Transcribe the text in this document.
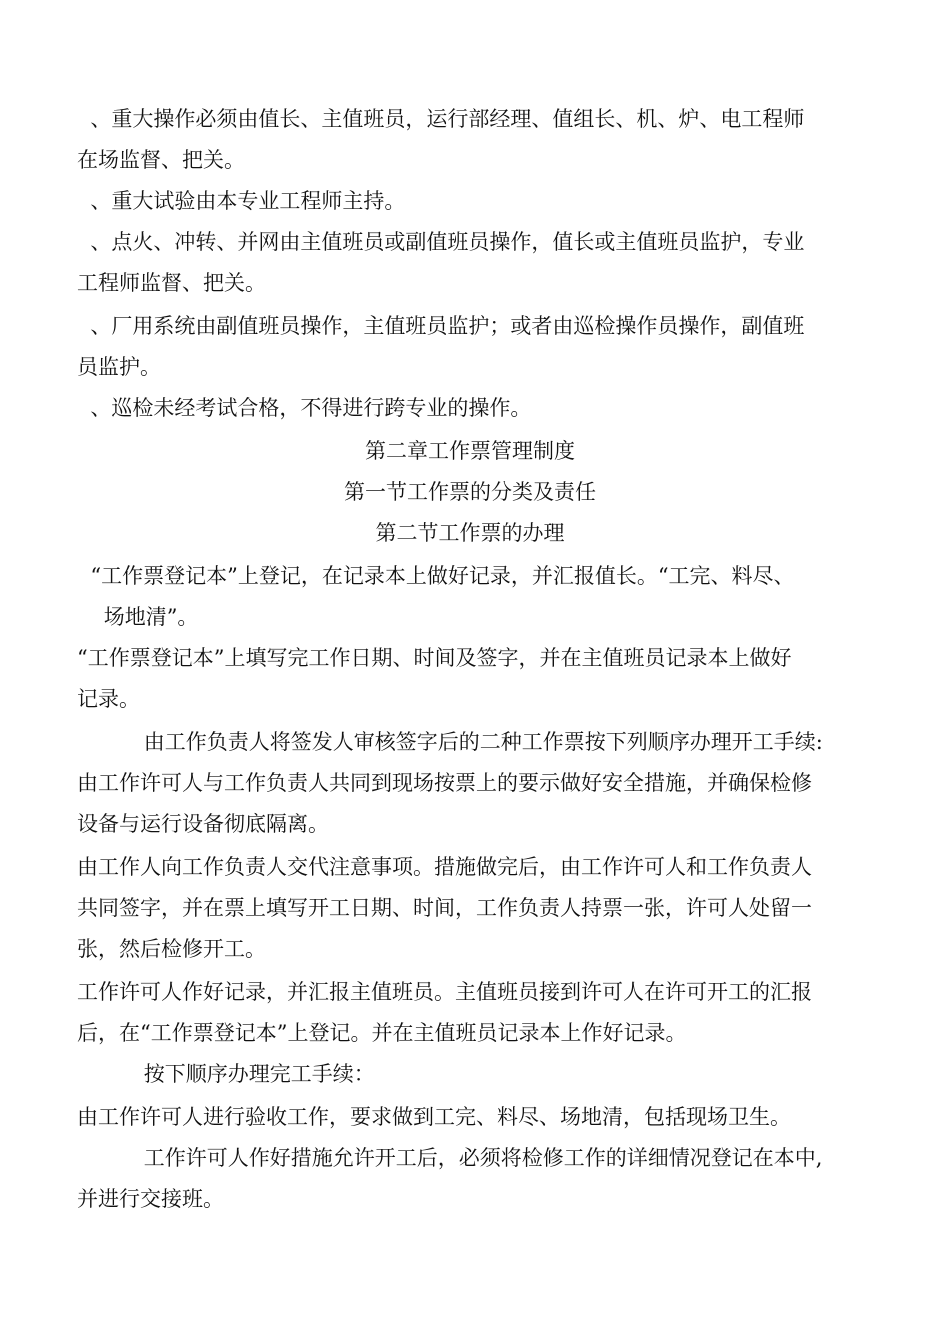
、重大操作必须由值长、主值班员，运行部经理、值组长、机、炉、电工程师

在场监督、把关。

、重大试验由本专业工程师主持。

、点火、冲转、并网由主值班员或副值班员操作，值长或主值班员监护，专业

工程师监督、把关。

、厂用系统由副值班员操作，主值班员监护；或者由巡检操作员操作，副值班

员监护。

、巡检未经考试合格，不得进行跨专业的操作。

第二章工作票管理制度

第一节工作票的分类及责任

第二节工作票的办理

“工作票登记本”上登记，在记录本上做好记录，并汇报值长。“工完、料尽、

场地清”。

“工作票登记本”上填写完工作日期、时间及签字，并在主值班员记录本上做好

记录。

由工作负责人将签发人审核签字后的二种工作票按下列顺序办理开工手续:

由工作许可人与工作负责人共同到现场按票上的要示做好安全措施，并确保检修

设备与运行设备彻底隔离。

由工作人向工作负责人交代注意事项。措施做完后，由工作许可人和工作负责人

共同签字，并在票上填写开工日期、时间，工作负责人持票一张，许可人处留一

张，然后检修开工。

工作许可人作好记录，并汇报主值班员。主值班员接到许可人在许可开工的汇报

后，在“工作票登记本”上登记。并在主值班员记录本上作好记录。

按下顺序办理完工手续：

由工作许可人进行验收工作，要求做到工完、料尽、场地清，包括现场卫生。

工作许可人作好措施允许开工后，必须将检修工作的详细情况登记在本中,

并进行交接班。
